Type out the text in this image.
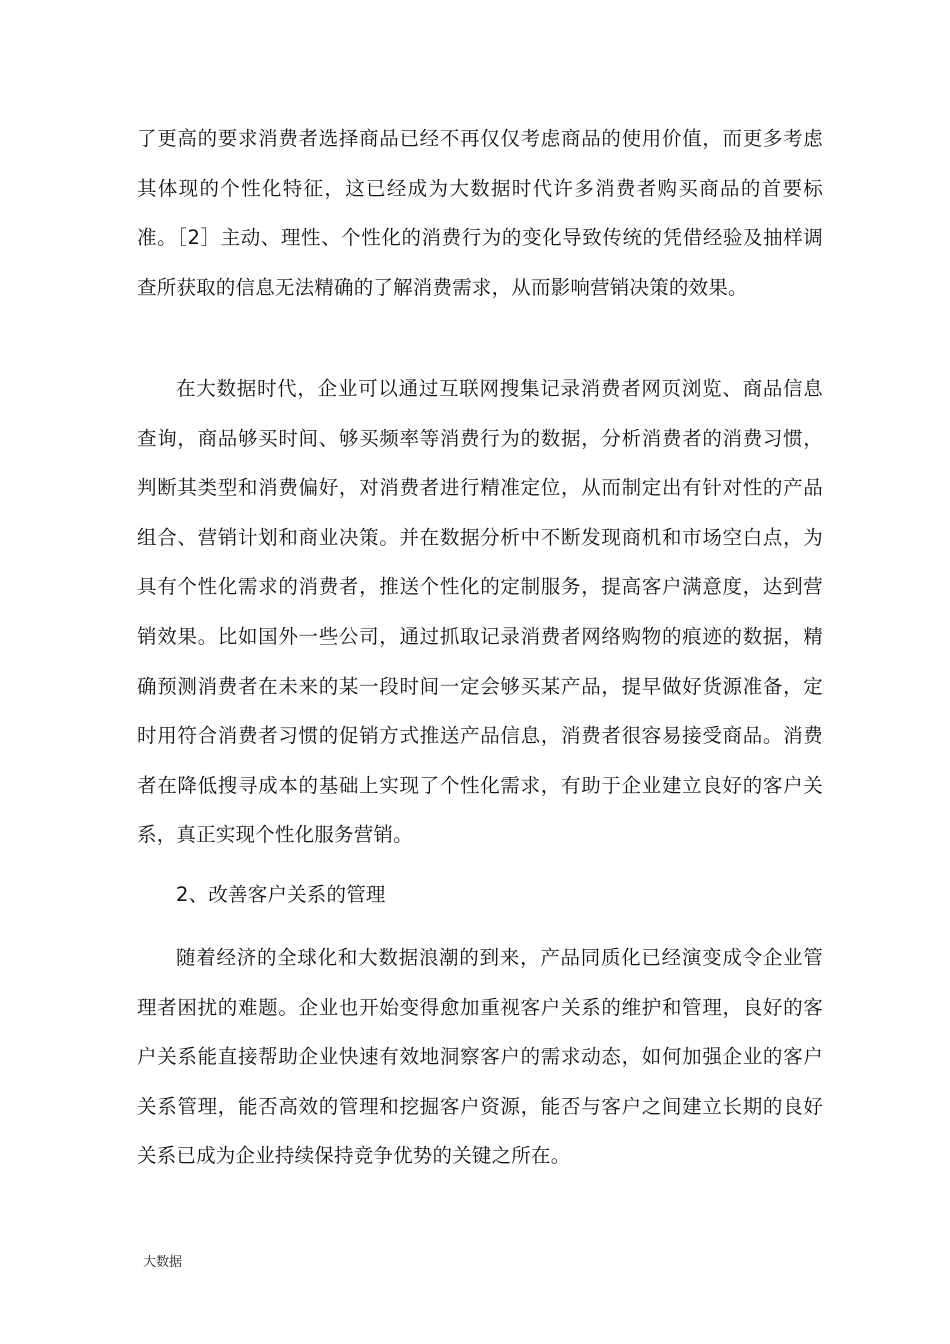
了更高的要求消费者选择商品已经不再仅仅考虑商品的使用价值，而更多考虑其体现的个性化特征，这已经成为大数据时代许多消费者购买商品的首要标准。［2］主动、理性、个性化的消费行为的变化导致传统的凭借经验及抽样调查所获取的信息无法精确的了解消费需求，从而影响营销决策的效果。

在大数据时代，企业可以通过互联网搜集记录消费者网页浏览、商品信息查询，商品够买时间、够买频率等消费行为的数据，分析消费者的消费习惯，判断其类型和消费偏好，对消费者进行精准定位，从而制定出有针对性的产品组合、营销计划和商业决策。并在数据分析中不断发现商机和市场空白点，为具有个性化需求的消费者，推送个性化的定制服务，提高客户满意度，达到营销效果。比如国外一些公司，通过抓取记录消费者网络购物的痕迹的数据，精确预测消费者在未来的某一段时间一定会够买某产品，提早做好货源准备，定时用符合消费者习惯的促销方式推送产品信息，消费者很容易接受商品。消费者在降低搜寻成本的基础上实现了个性化需求，有助于企业建立良好的客户关系，真正实现个性化服务营销。

2、改善客户关系的管理

随着经济的全球化和大数据浪潮的到来，产品同质化已经演变成令企业管理者困扰的难题。企业也开始变得愈加重视客户关系的维护和管理，良好的客户关系能直接帮助企业快速有效地洞察客户的需求动态，如何加强企业的客户关系管理，能否高效的管理和挖掘客户资源，能否与客户之间建立长期的良好关系已成为企业持续保持竞争优势的关键之所在。

大数据
